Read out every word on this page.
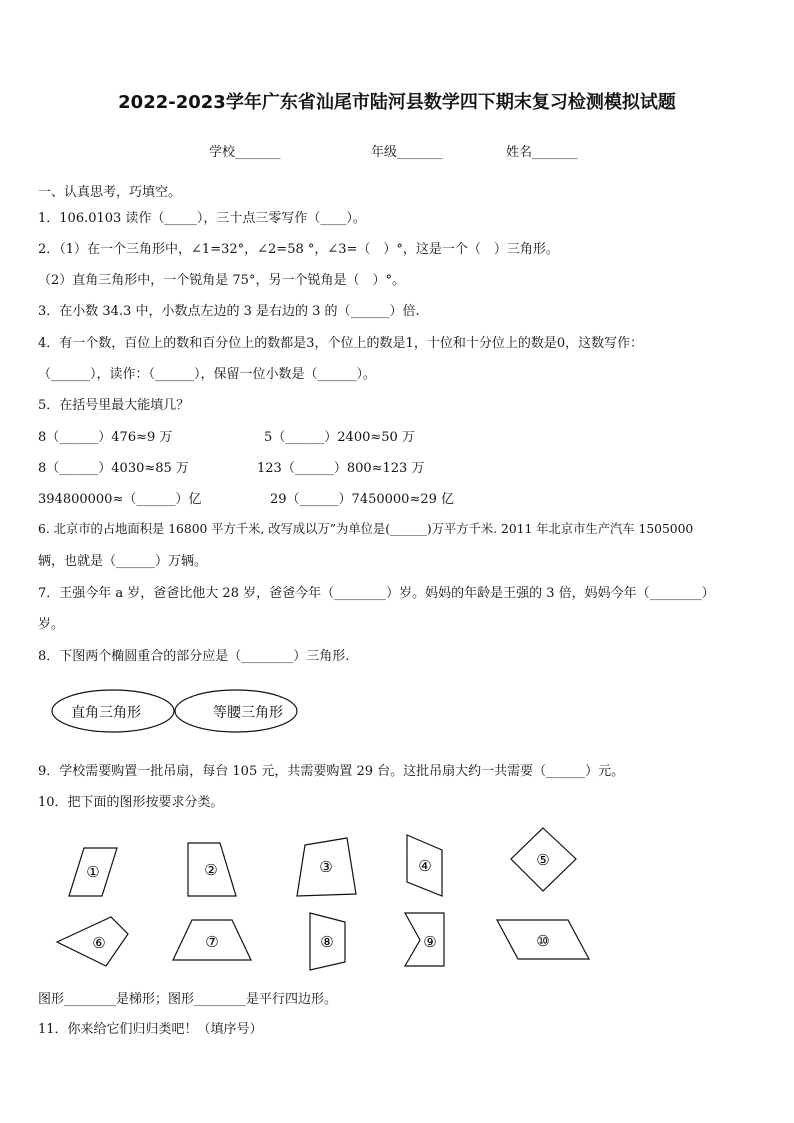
2022-2023学年广东省汕尾市陆河县数学四下期末复习检测模拟试题
学校_______	年级_______	姓名_______
一、认真思考，巧填空。
1．106.0103 读作（_____），三十点三零写作（____）。
2．（1）在一个三角形中，∠1=32°，∠2=58 °，∠3=（　）°，这是一个（　）三角形。
（2）直角三角形中，一个锐角是 75°，另一个锐角是（　）°。
3．在小数 34.3 中，小数点左边的 3 是右边的 3 的（______）倍.
4．有一个数，百位上的数和百分位上的数都是3，个位上的数是1，十位和十分位上的数是0，这数写作：
（______），读作：（______），保留一位小数是（______）。
5．在括号里最大能填几？
8（______）476≈9 万	5（______）2400≈50 万
8（______）4030≈85 万	123（______）800≈123 万
394800000≈（______）亿	29（______）7450000≈29 亿
6. 北京市的占地面积是 16800 平方千米, 改写成以万”为单位是(______)万平方千米. 2011 年北京市生产汽车 1505000
辆，也就是（______）万辆。
7．王强今年 a 岁，爸爸比他大 28 岁，爸爸今年（________）岁。妈妈的年龄是王强的 3 倍，妈妈今年（________）
岁。
8．下图两个椭圆重合的部分应是（________）三角形.
9．学校需要购置一批吊扇，每台 105 元，共需要购置 29 台。这批吊扇大约一共需要（______）元。
10．把下面的图形按要求分类。
图形________是梯形；图形________是平行四边形。
11．你来给它们归归类吧！（填序号）
直角三角形	等腰三角形
①	②	③	④	⑤
⑥	⑦	⑧	⑨	⑩
